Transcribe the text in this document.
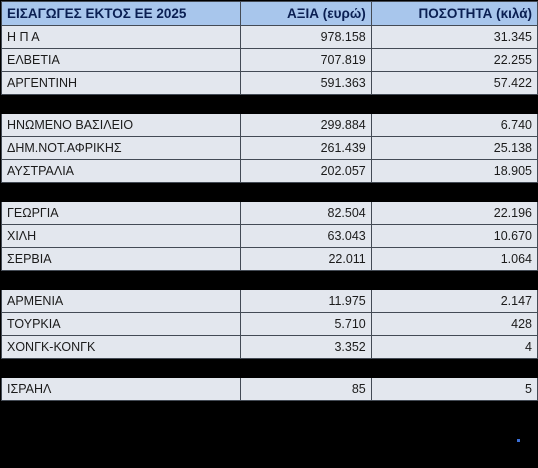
ΕΙΣΑΓΩΓΕΣ ΕΚΤΟΣ ΕΕ 2025	ΑΞΙΑ (ευρώ)	ΠΟΣΟΤΗΤΑ (κιλά)
Η Π Α	978.158	31.345
ΕΛΒΕΤΙΑ	707.819	22.255
ΑΡΓΕΝΤΙΝΗ	591.363	57.422

ΗΝΩΜΕΝΟ ΒΑΣΙΛΕΙΟ	299.884	6.740
ΔΗΜ.ΝΟΤ.ΑΦΡΙΚΗΣ	261.439	25.138
ΑΥΣΤΡΑΛΙΑ	202.057	18.905

ΓΕΩΡΓΙΑ	82.504	22.196
ΧΙΛΗ	63.043	10.670
ΣΕΡΒΙΑ	22.011	1.064

ΑΡΜΕΝΙΑ	11.975	2.147
ΤΟΥΡΚΙΑ	5.710	428
ΧΟΝΓΚ-ΚΟΝΓΚ	3.352	4

ΙΣΡΑΗΛ	85	5
